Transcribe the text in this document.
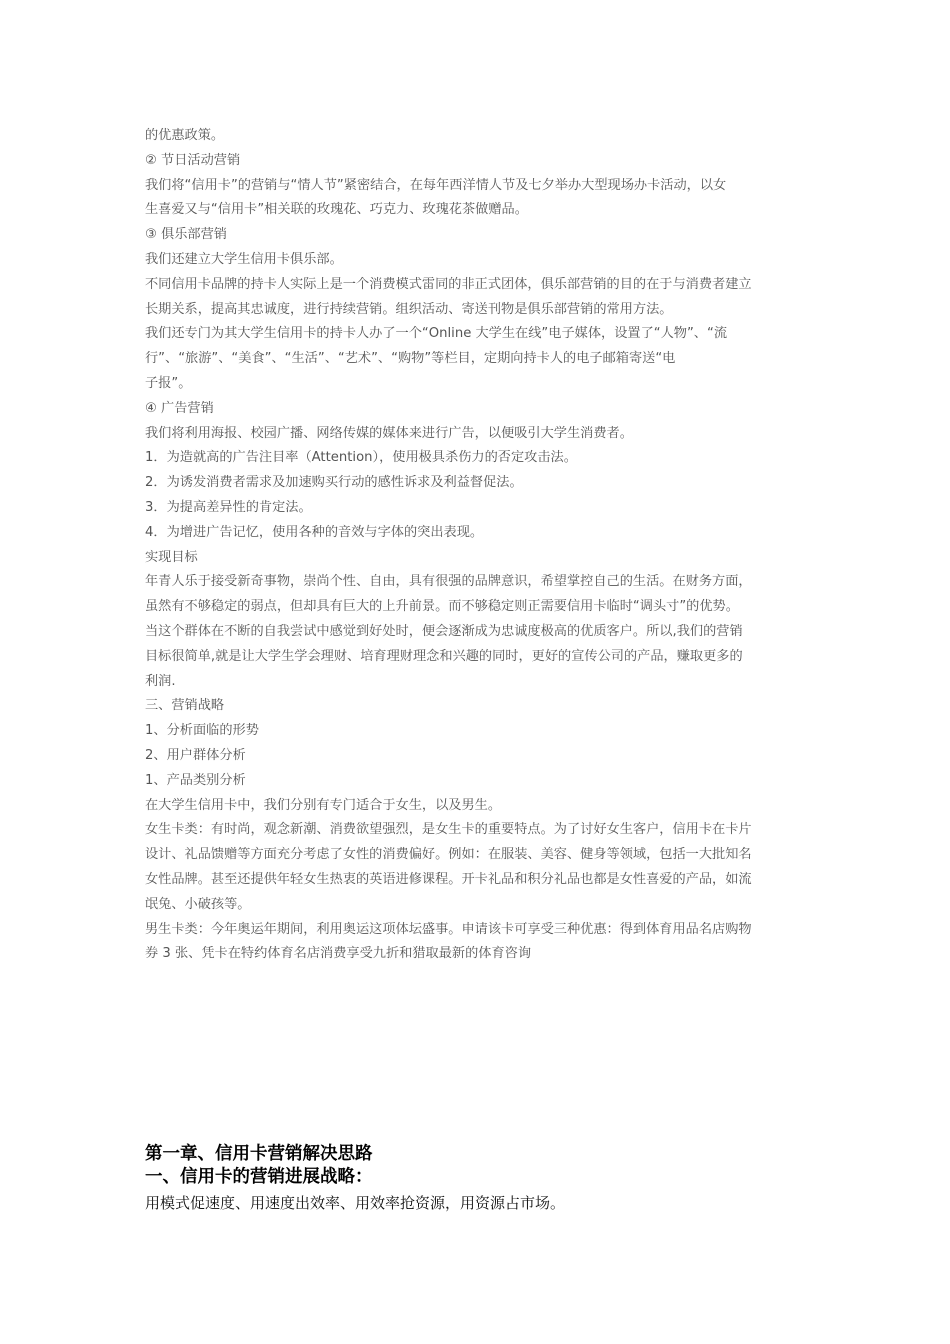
的优惠政策。

② 节日活动营销

我们将“信用卡”的营销与“情人节”紧密结合，在每年西洋情人节及七夕举办大型现场办卡活动，以女

生喜爱又与“信用卡”相关联的玫瑰花、巧克力、玫瑰花茶做赠品。

③ 俱乐部营销

我们还建立大学生信用卡俱乐部。

不同信用卡品牌的持卡人实际上是一个消费模式雷同的非正式团体，俱乐部营销的目的在于与消费者建立

长期关系，提高其忠诚度，进行持续营销。组织活动、寄送刊物是俱乐部营销的常用方法。

我们还专门为其大学生信用卡的持卡人办了一个“Online 大学生在线”电子媒体，设置了“人物”、“流

行”、“旅游”、“美食”、“生活”、“艺术”、“购物”等栏目，定期向持卡人的电子邮箱寄送“电

子报”。

④ 广告营销

我们将利用海报、校园广播、网络传媒的媒体来进行广告，以便吸引大学生消费者。

1．为造就高的广告注目率（Attention），使用极具杀伤力的否定攻击法。

2．为诱发消费者需求及加速购买行动的感性诉求及利益督促法。

3．为提高差异性的肯定法。

4．为增进广告记忆，使用各种的音效与字体的突出表现。

实现目标

年青人乐于接受新奇事物，崇尚个性、自由，具有很强的品牌意识，希望掌控自己的生活。在财务方面，

虽然有不够稳定的弱点，但却具有巨大的上升前景。而不够稳定则正需要信用卡临时“调头寸”的优势。

当这个群体在不断的自我尝试中感觉到好处时，便会逐渐成为忠诚度极高的优质客户。所以,我们的营销

目标很简单,就是让大学生学会理财、培育理财理念和兴趣的同时，更好的宣传公司的产品，赚取更多的

利润.

三、营销战略

1、分析面临的形势

2、用户群体分析

1、产品类别分析

在大学生信用卡中，我们分别有专门适合于女生，以及男生。

女生卡类：有时尚，观念新潮、消费欲望强烈，是女生卡的重要特点。为了讨好女生客户，信用卡在卡片

设计、礼品馈赠等方面充分考虑了女性的消费偏好。例如：在服装、美容、健身等领域，包括一大批知名

女性品牌。甚至还提供年轻女生热衷的英语进修课程。开卡礼品和积分礼品也都是女性喜爱的产品，如流

氓兔、小破孩等。

男生卡类：今年奥运年期间，利用奥运这项体坛盛事。申请该卡可享受三种优惠：得到体育用品名店购物

券 3 张、凭卡在特约体育名店消费享受九折和猎取最新的体育咨询

第一章、信用卡营销解决思路

一、信用卡的营销进展战略：

用模式促速度、用速度出效率、用效率抢资源，用资源占市场。
